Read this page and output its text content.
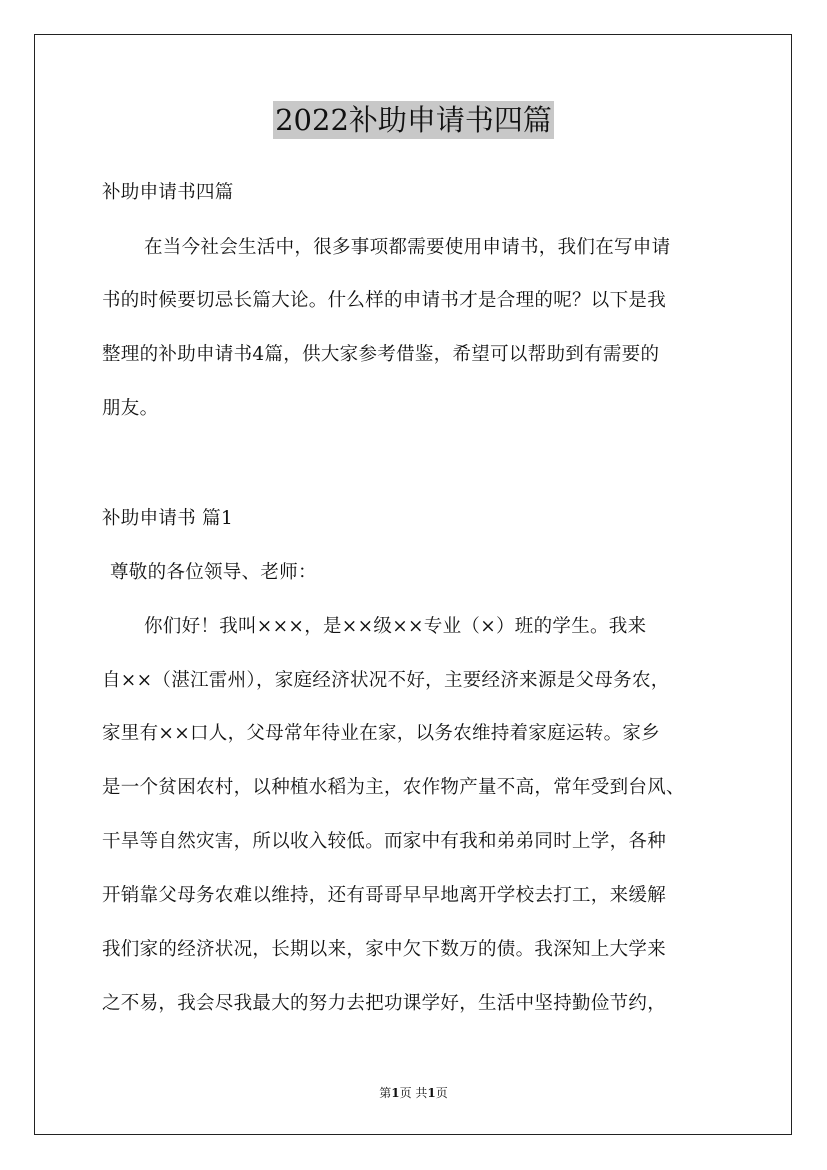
2022补助申请书四篇
补助申请书四篇
在当今社会生活中，很多事项都需要使用申请书，我们在写申请
书的时候要切忌长篇大论。什么样的申请书才是合理的呢？以下是我
整理的补助申请书4篇，供大家参考借鉴，希望可以帮助到有需要的
朋友。
补助申请书 篇1
尊敬的各位领导、老师：
你们好！我叫×××，是××级××专业（×）班的学生。我来
自××（湛江雷州），家庭经济状况不好，主要经济来源是父母务农，
家里有××口人，父母常年待业在家，以务农维持着家庭运转。家乡
是一个贫困农村，以种植水稻为主，农作物产量不高，常年受到台风、
干旱等自然灾害，所以收入较低。而家中有我和弟弟同时上学，各种
开销靠父母务农难以维持，还有哥哥早早地离开学校去打工，来缓解
我们家的经济状况，长期以来，家中欠下数万的债。我深知上大学来
之不易，我会尽我最大的努力去把功课学好，生活中坚持勤俭节约，
第1页 共1页
